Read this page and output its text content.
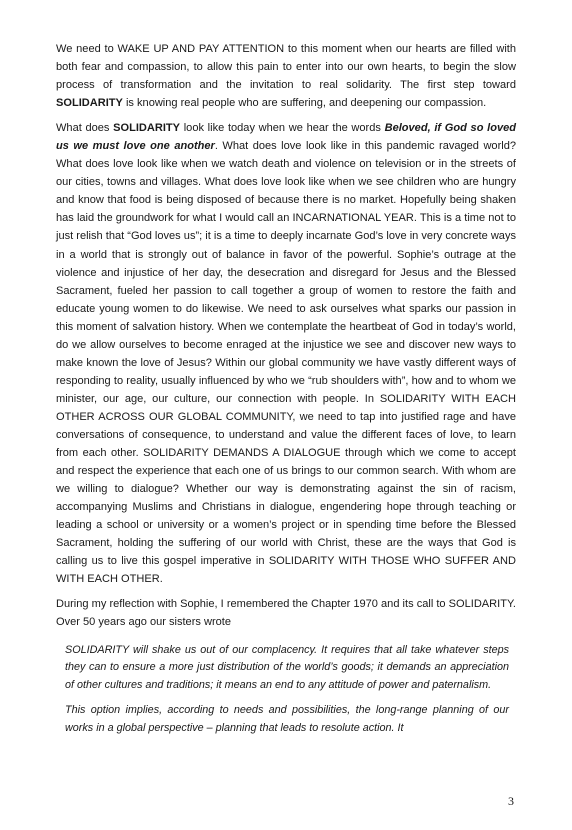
We need to WAKE UP AND PAY ATTENTION to this moment when our hearts are filled with both fear and compassion, to allow this pain to enter into our own hearts, to begin the slow process of transformation and the invitation to real solidarity. The first step toward SOLIDARITY is knowing real people who are suffering, and deepening our compassion.

What does SOLIDARITY look like today when we hear the words Beloved, if God so loved us we must love one another. What does love look like in this pandemic ravaged world? What does love look like when we watch death and violence on television or in the streets of our cities, towns and villages. What does love look like when we see children who are hungry and know that food is being disposed of because there is no market. Hopefully being shaken has laid the groundwork for what I would call an INCARNATIONAL YEAR. This is a time not to just relish that “God loves us”; it is a time to deeply incarnate God’s love in very concrete ways in a world that is strongly out of balance in favor of the powerful. Sophie’s outrage at the violence and injustice of her day, the desecration and disregard for Jesus and the Blessed Sacrament, fueled her passion to call together a group of women to restore the faith and educate young women to do likewise. We need to ask ourselves what sparks our passion in this moment of salvation history. When we contemplate the heartbeat of God in today’s world, do we allow ourselves to become enraged at the injustice we see and discover new ways to make known the love of Jesus? Within our global community we have vastly different ways of responding to reality, usually influenced by who we “rub shoulders with”, how and to whom we minister, our age, our culture, our connection with people. In SOLIDARITY WITH EACH OTHER ACROSS OUR GLOBAL COMMUNITY, we need to tap into justified rage and have conversations of consequence, to understand and value the different faces of love, to learn from each other. SOLIDARITY DEMANDS A DIALOGUE through which we come to accept and respect the experience that each one of us brings to our common search. With whom are we willing to dialogue? Whether our way is demonstrating against the sin of racism, accompanying Muslims and Christians in dialogue, engendering hope through teaching or leading a school or university or a women’s project or in spending time before the Blessed Sacrament, holding the suffering of our world with Christ, these are the ways that God is calling us to live this gospel imperative in SOLIDARITY WITH THOSE WHO SUFFER AND WITH EACH OTHER.

During my reflection with Sophie, I remembered the Chapter 1970 and its call to SOLIDARITY. Over 50 years ago our sisters wrote

SOLIDARITY will shake us out of our complacency. It requires that all take whatever steps they can to ensure a more just distribution of the world’s goods; it demands an appreciation of other cultures and traditions; it means an end to any attitude of power and paternalism.

This option implies, according to needs and possibilities, the long-range planning of our works in a global perspective – planning that leads to resolute action. It

3
